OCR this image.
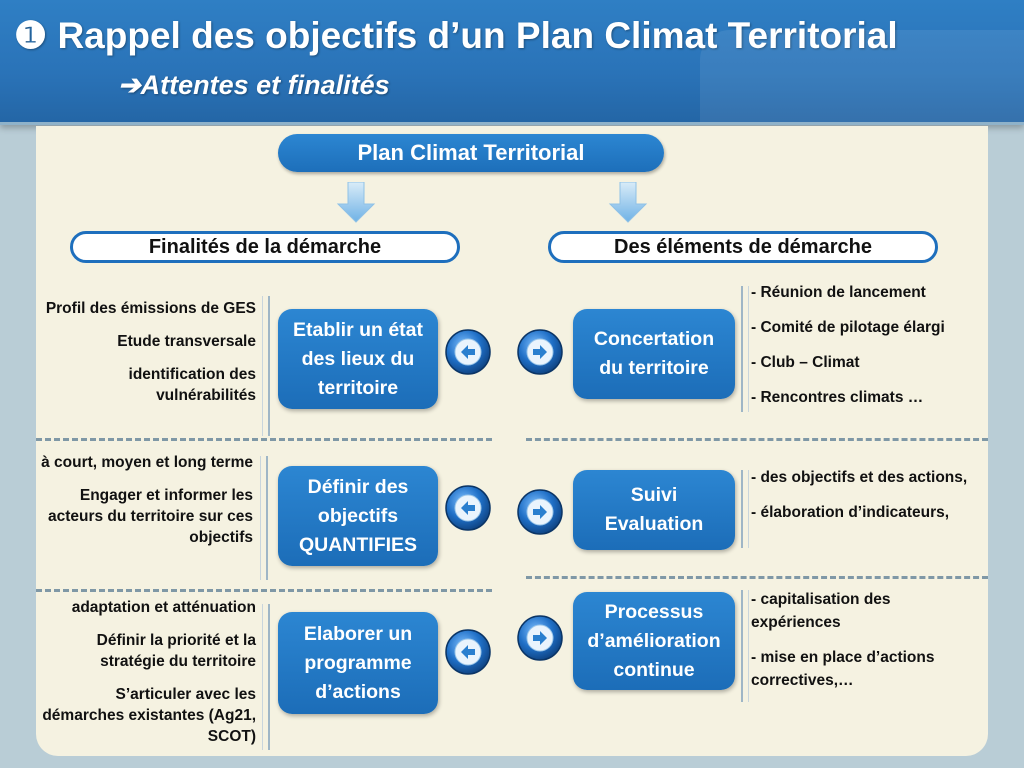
❶ Rappel des objectifs d’un Plan Climat Territorial
➔Attentes et finalités
Plan Climat Territorial
Finalités de la démarche	Des éléments de démarche

Profil des émissions de GES

Etude transversale

identification des vulnérabilités

Etablir un état
des lieux du
territoire
Concertation
du territoire

- Réunion de lancement

- Comité de pilotage élargi

- Club – Climat

- Rencontres climats …

à court, moyen et long terme

Engager et informer les acteurs du territoire sur ces objectifs

Définir des
objectifs
QUANTIFIES
Suivi
Evaluation

- des objectifs et des actions,

- élaboration d’indicateurs,

adaptation et atténuation

Définir la priorité et la stratégie du territoire

S’articuler avec les démarches existantes (Ag21, SCOT)

Elaborer un
programme
d’actions
Processus
d’amélioration
continue

- capitalisation des expériences

- mise en place d’actions correctives,…
